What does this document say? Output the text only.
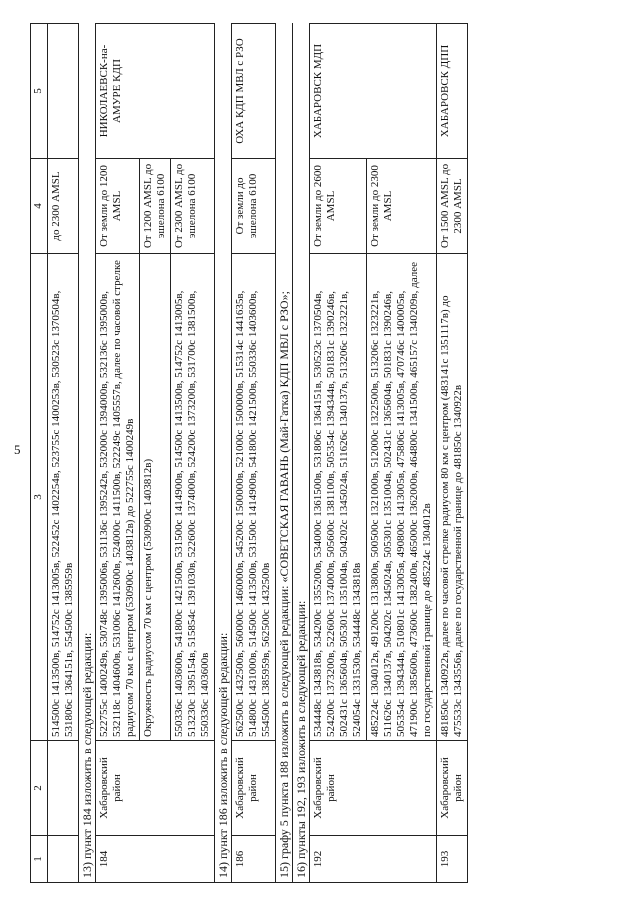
5
1	2	3	4	5
		514500c 1413500в, 514752c 1413005в, 522452c 1402254в, 523755c 1400253в, 530523c 1370504в, 531806c 1364151в, 554500c 1385959в	до 2300 AMSL	
13) пункт 184 изложить в следующей редакции:				
184	Хабаровский район	522755c 1400249в, 530748c 1395006в, 531136c 1395242в, 532000c 1394000в, 532136c 1395000в, 532118c 1404600в, 531006c 1412600в, 524000c 1411500в, 522249c 1405557в, далее по часовой стрелке радиусом 70 км с центром (530900c 1403812в) до 522755c 1400249в	От земли до 1200 AMSL	НИКОЛАЕВСК-на-АМУРЕ КДП
		Окружность радиусом 70 км с центром (530900c 1403812в)	От 1200 AMSL до эшелона 6100	
		550336c 1403600в, 541800c 1421500в, 531500c 1414900в, 514500c 1413500в, 514752c 1413005в, 513230c 1395154в, 515854c 1391030в, 522600c 1374000в, 524200c 1373200в, 531700c 1381500в, 550336c 1403600в	От 2300 AMSL до эшелона 6100	
14) пункт 186 изложить в следующей редакции:				
186	Хабаровский район	562500c 1432500в, 560000c 1460000в, 545200c 1500000в, 521000c 1500000в, 515314c 1441635в, 514800c 1431000в, 514500c 1413500в, 531500c 1414900в, 541800c 1421500в, 550336c 1403600в, 554500c 1385959в, 562500c 1432500в	От земли до эшелона 6100	ОХА КДП МВЛ с РЗО
15) графу 5 пункта 188 изложить в следующей редакции: «СОВЕТСКАЯ ГАВАНЬ (Май-Гатка) КДП МВЛ с РЗО»;				
16) пункты 192, 193 изложить в следующей редакции:				
192	Хабаровский район	534448c 1343818в, 534200c 1355200в, 534000c 1361500в, 531806c 1364151в, 530523c 1370504в, 524200c 1373200в, 522600c 1374000в, 505600c 1381100в, 505354c 1394344в, 501831c 1390246в, 502431c 1365604в, 505301c 1351004в, 504202c 1345024в, 511626c 1340137в, 513206c 1323221в, 524054c 1331530в, 534448c 1343818в	От земли до 2600 AMSL	ХАБАРОВСК МДП
		485224c 1304012в, 491200c 1313800в, 500500c 1321000в, 512000c 1322500в, 513206c 1323221в, 511626c 1340137в, 504202c 1345024в, 505301c 1351004в, 502431c 1365604в, 501831c 1390246в, 505354c 1394344в, 510801c 1413005в, 490800c 1413005в, 475806c 1413005в, 470746c 1400005в, 471900c 1385600в, 473600c 1382400в, 465000c 1362000в, 464800c 1341500в, 465157c 1340209в, далее по государственной границе до 485224c 1304012в	От земли до 2300 AMSL	
193	Хабаровский район	481850c 1340922в, далее по часовой стрелке радиусом 80 км с центром (483141c 1351117в) до 475533c 1343556в, далее по государственной границе до 481850c 1340922в	От 1500 AMSL до 2300 AMSL	ХАБАРОВСК ДПП
